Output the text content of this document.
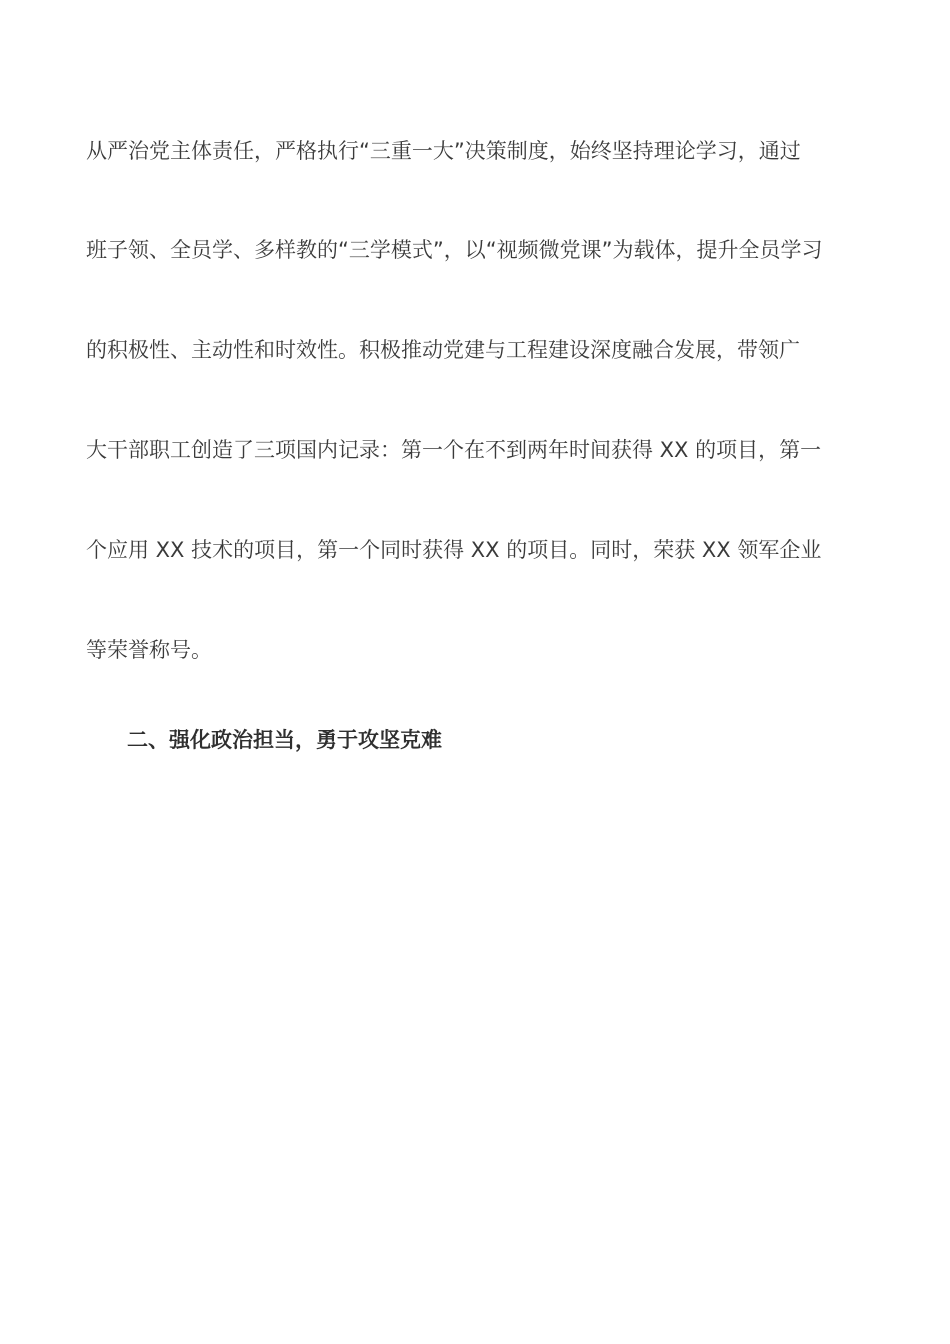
从严治党主体责任，严格执行“三重一大”决策制度，始终坚持理论学习，通过
班子领、全员学、多样教的“三学模式”，以“视频微党课”为载体，提升全员学习
的积极性、主动性和时效性。积极推动党建与工程建设深度融合发展，带领广
大干部职工创造了三项国内记录：第一个在不到两年时间获得 XX 的项目，第一
个应用 XX 技术的项目，第一个同时获得 XX 的项目。同时，荣获 XX 领军企业
等荣誉称号。
二、强化政治担当，勇于攻坚克难
